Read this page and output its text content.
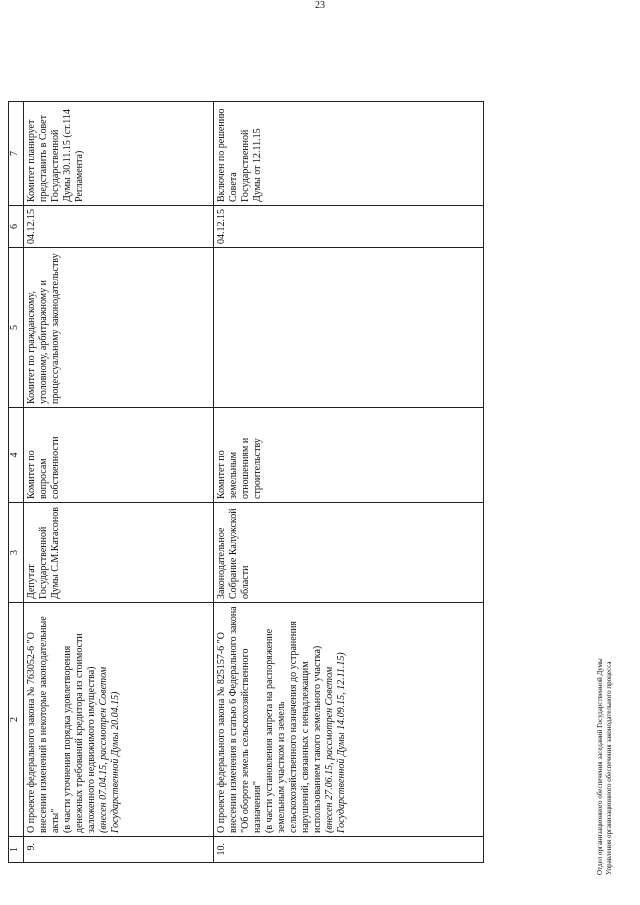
23
1	2	3	4	5	6	7
9.	О проекте федерального закона № 763052-6 "О внесении изменений в некоторые законодательные акты" (в части уточнения порядка удовлетворения денежных требований кредитора из стоимости заложенного недвижимого имущества) (внесен 07.04.15, рассмотрен Советом Государственной Думы 20.04.15)	Депутат Государственной Думы С.М.Катасонов	Комитет по вопросам собственности	Комитет по гражданскому, уголовному, арбитражному и процессуальному законодательству	04.12.15	Комитет планирует представить в Совет Государственной Думы 30.11.15 (ст.114 Регламента)
10.	О проекте федерального закона № 825157-6 "О внесении изменения в статью 6 Федерального закона "Об обороте земель сельскохозяйственного назначения" (в части установления запрета на распоряжение земельным участком из земель сельскохозяйственного назначения до устранения нарушений, связанных с ненадлежащим использованием такого земельного участка) (внесен 27.06.15, рассмотрен Советом Государственной Думы 14.09.15, 12.11.15)	Законодательное Собрание Калужской области	Комитет по земельным отношениям и строительству		04.12.15	Включен по решению Совета Государственной Думы от 12.11.15
Отдел организационного обеспечения заседаний Государственной Думы Управления организационного обеспечения законодательного процесса
